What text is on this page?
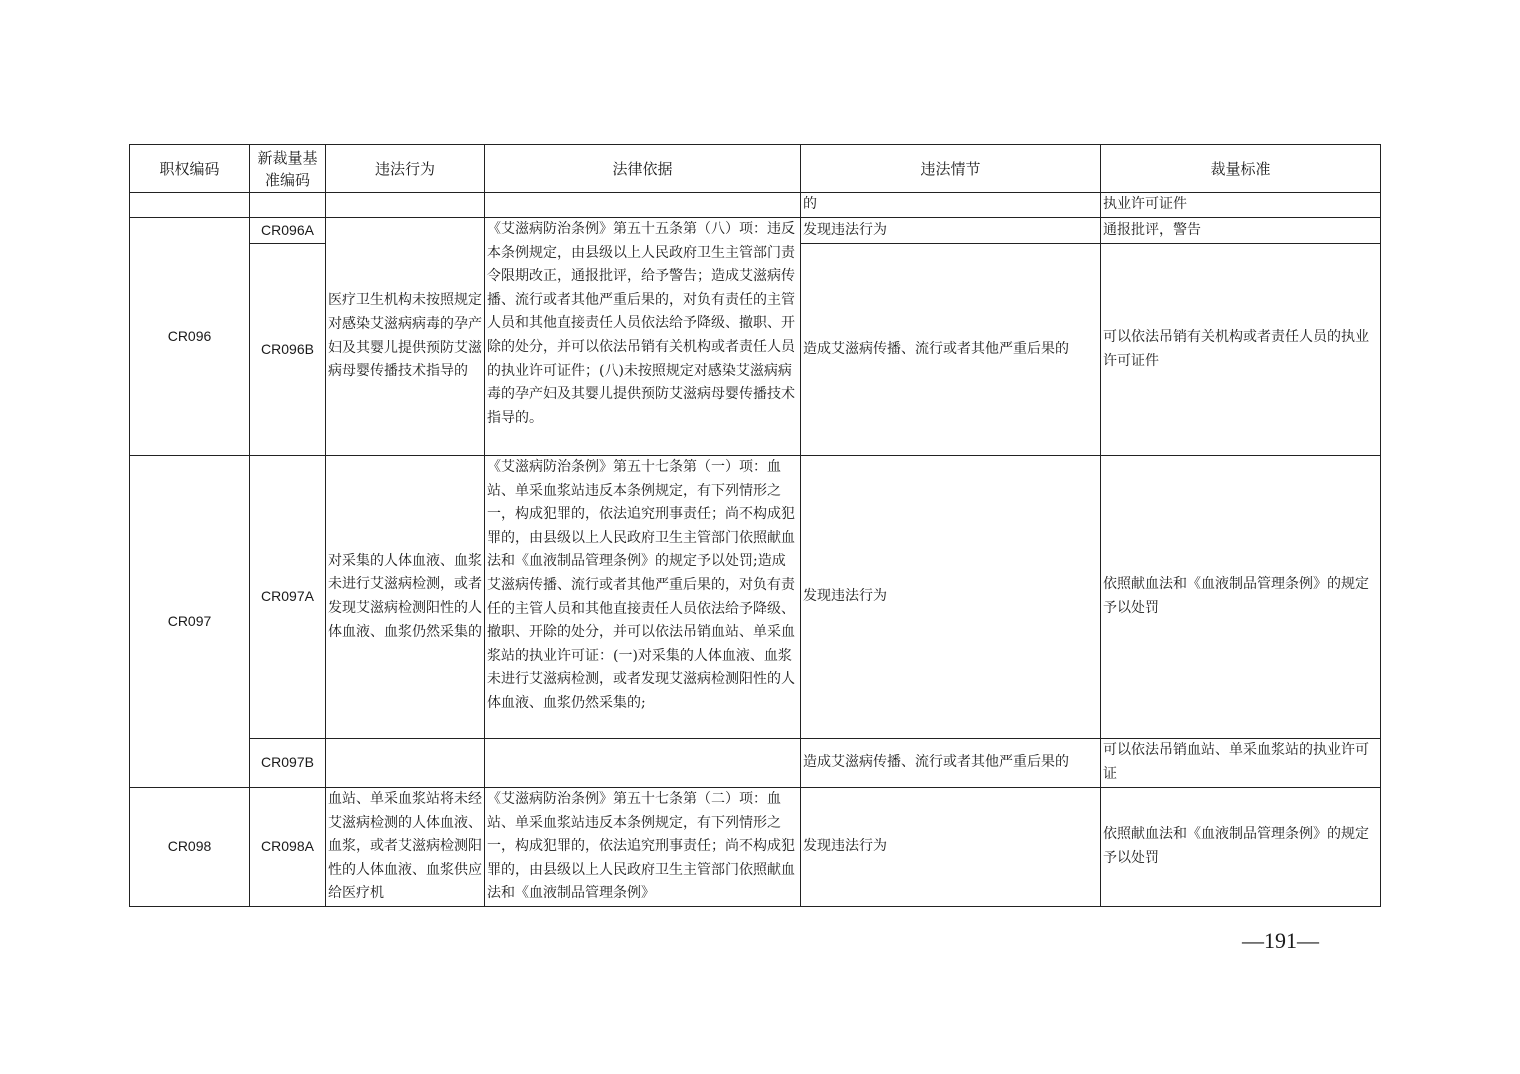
职权编码	新裁量基准编码	违法行为	法律依据	违法情节	裁量标准
				的	执业许可证件
CR096	CR096A	医疗卫生机构未按照规定对感染艾滋病病毒的孕产妇及其婴儿提供预防艾滋病母婴传播技术指导的	《艾滋病防治条例》第五十五条第（八）项：违反本条例规定，由县级以上人民政府卫生主管部门责令限期改正，通报批评，给予警告；造成艾滋病传播、流行或者其他严重后果的，对负有责任的主管人员和其他直接责任人员依法给予降级、撤职、开除的处分，并可以依法吊销有关机构或者责任人员的执业许可证件；(八)未按照规定对感染艾滋病病毒的孕产妇及其婴儿提供预防艾滋病母婴传播技术指导的。	发现违法行为	通报批评，警告
	CR096B			造成艾滋病传播、流行或者其他严重后果的	可以依法吊销有关机构或者责任人员的执业许可证件
CR097	CR097A	对采集的人体血液、血浆未进行艾滋病检测，或者发现艾滋病检测阳性的人体血液、血浆仍然采集的	《艾滋病防治条例》第五十七条第（一）项：血站、单采血浆站违反本条例规定，有下列情形之一，构成犯罪的，依法追究刑事责任；尚不构成犯罪的，由县级以上人民政府卫生主管部门依照献血法和《血液制品管理条例》的规定予以处罚;造成艾滋病传播、流行或者其他严重后果的，对负有责任的主管人员和其他直接责任人员依法给予降级、撤职、开除的处分，并可以依法吊销血站、单采血浆站的执业许可证：(一)对采集的人体血液、血浆未进行艾滋病检测，或者发现艾滋病检测阳性的人体血液、血浆仍然采集的;	发现违法行为	依照献血法和《血液制品管理条例》的规定予以处罚
	CR097B			造成艾滋病传播、流行或者其他严重后果的	可以依法吊销血站、单采血浆站的执业许可证
CR098	CR098A	血站、单采血浆站将未经艾滋病检测的人体血液、血浆，或者艾滋病检测阳性的人体血液、血浆供应给医疗机	《艾滋病防治条例》第五十七条第（二）项：血站、单采血浆站违反本条例规定，有下列情形之一，构成犯罪的，依法追究刑事责任；尚不构成犯罪的，由县级以上人民政府卫生主管部门依照献血法和《血液制品管理条例》	发现违法行为	依照献血法和《血液制品管理条例》的规定予以处罚
—191—
